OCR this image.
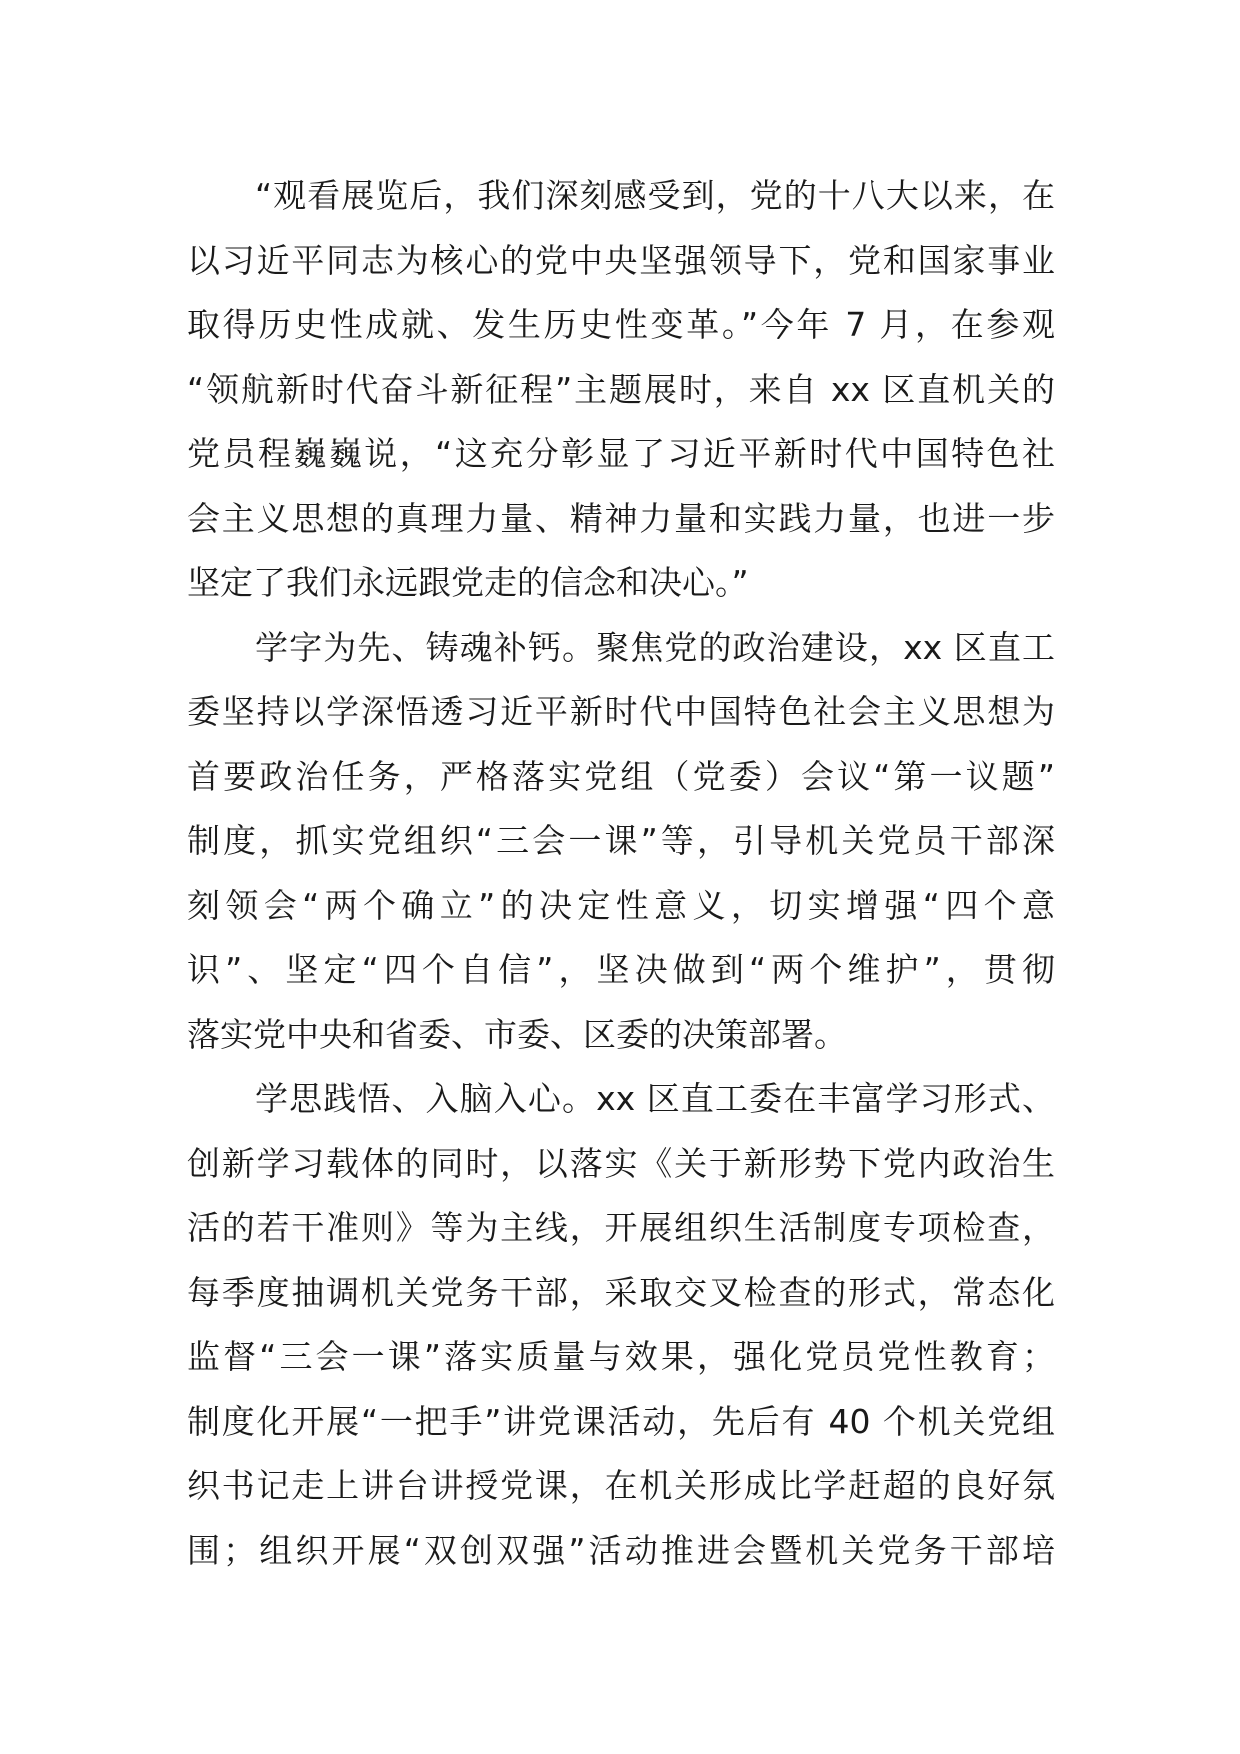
“观看展览后，我们深刻感受到，党的十八大以来，在
以习近平同志为核心的党中央坚强领导下，党和国家事业
取得历史性成就、发生历史性变革。”今年 7 月，在参观
“领航新时代奋斗新征程”主题展时，来自 xx 区直机关的
党员程巍巍说，“这充分彰显了习近平新时代中国特色社
会主义思想的真理力量、精神力量和实践力量，也进一步
坚定了我们永远跟党走的信念和决心。”
学字为先、铸魂补钙。聚焦党的政治建设，xx 区直工
委坚持以学深悟透习近平新时代中国特色社会主义思想为
首要政治任务，严格落实党组（党委）会议“第一议题”
制度，抓实党组织“三会一课”等，引导机关党员干部深
刻领会“两个确立”的决定性意义，切实增强“四个意
识”、坚定“四个自信”，坚决做到“两个维护”，贯彻
落实党中央和省委、市委、区委的决策部署。
学思践悟、入脑入心。xx 区直工委在丰富学习形式、
创新学习载体的同时，以落实《关于新形势下党内政治生
活的若干准则》等为主线，开展组织生活制度专项检查，
每季度抽调机关党务干部，采取交叉检查的形式，常态化
监督“三会一课”落实质量与效果，强化党员党性教育；
制度化开展“一把手”讲党课活动，先后有 40 个机关党组
织书记走上讲台讲授党课，在机关形成比学赶超的良好氛
围；组织开展“双创双强”活动推进会暨机关党务干部培
